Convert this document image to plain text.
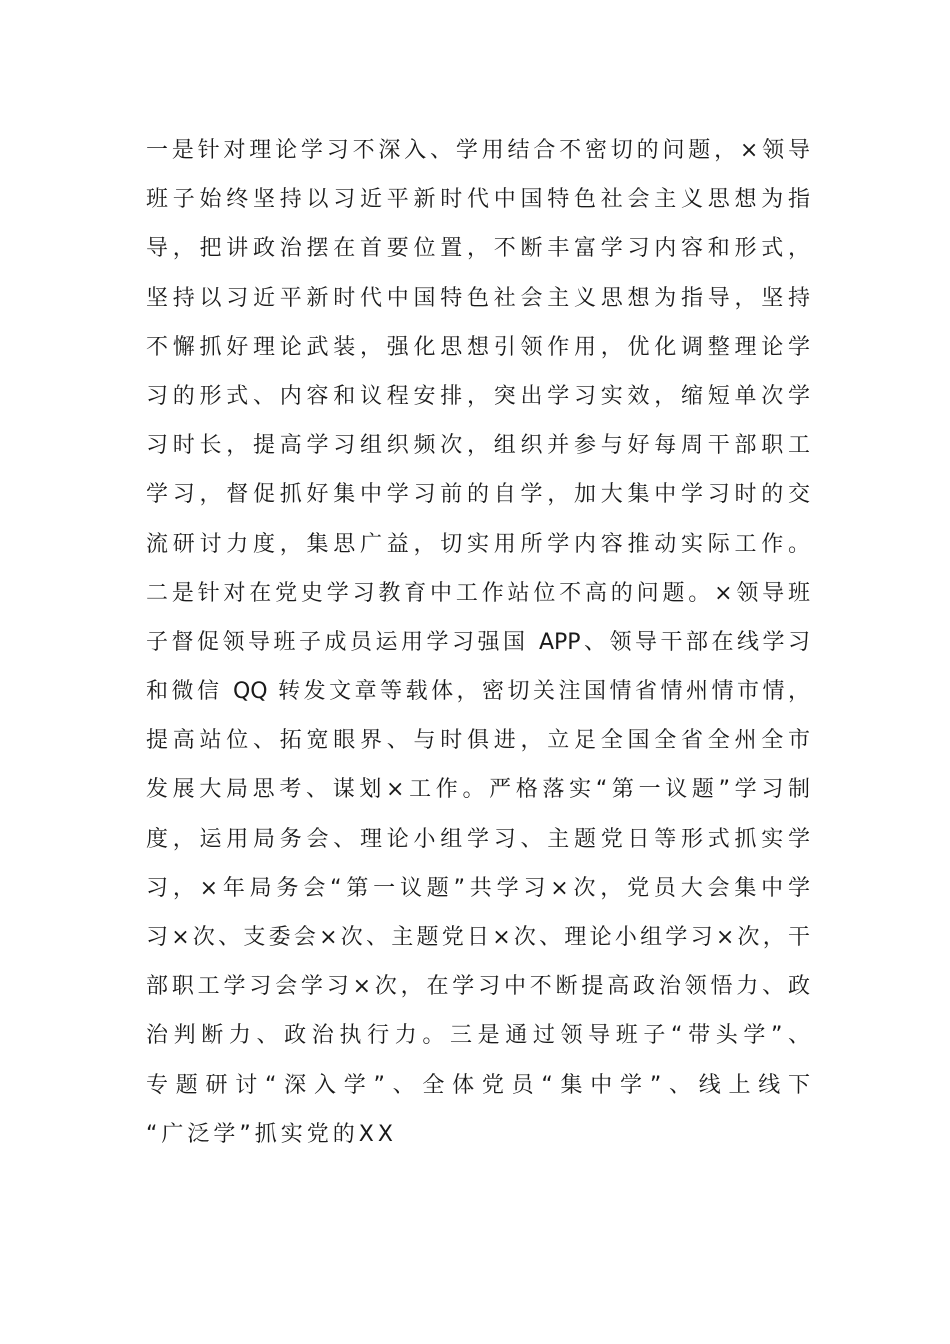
一是针对理论学习不深入、学用结合不密切的问题，×领导
班子始终坚持以习近平新时代中国特色社会主义思想为指
导，把讲政治摆在首要位置，不断丰富学习内容和形式，
坚持以习近平新时代中国特色社会主义思想为指导，坚持
不懈抓好理论武装，强化思想引领作用，优化调整理论学
习的形式、内容和议程安排，突出学习实效，缩短单次学
习时长，提高学习组织频次，组织并参与好每周干部职工
学习，督促抓好集中学习前的自学，加大集中学习时的交
流研讨力度，集思广益，切实用所学内容推动实际工作。
二是针对在党史学习教育中工作站位不高的问题。×领导班
子督促领导班子成员运用学习强国 APP、领导干部在线学习
和微信 QQ 转发文章等载体，密切关注国情省情州情市情，
提高站位、拓宽眼界、与时俱进，立足全国全省全州全市
发展大局思考、谋划×工作。严格落实“第一议题”学习制
度，运用局务会、理论小组学习、主题党日等形式抓实学
习，×年局务会“第一议题”共学习×次，党员大会集中学
习×次、支委会×次、主题党日×次、理论小组学习×次，干
部职工学习会学习×次，在学习中不断提高政治领悟力、政
治判断力、政治执行力。三是通过领导班子“带头学”、
专题研讨“深入学”、全体党员“集中学”、线上线下
“广泛学”抓实党的XX
